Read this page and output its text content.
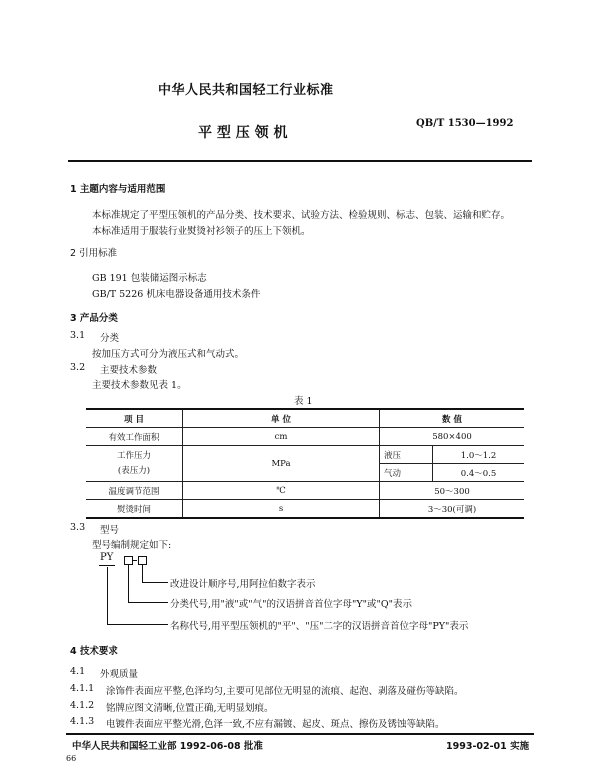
中华人民共和国轻工行业标准
平 型 压 领 机
QB/T 1530—1992
1 主题内容与适用范围
本标准规定了平型压领机的产品分类、技术要求、试验方法、检验规则、标志、包装、运输和贮存。
本标准适用于服装行业熨烫衬衫领子的压上下领机。
2 引用标准
GB 191 包装储运图示标志
GB/T 5226 机床电器设备通用技术条件
3 产品分类
3.1 分类
按加压方式可分为液压式和气动式。
3.2 主要技术参数
主要技术参数见表 1。
表 1
项 目	单 位	数 值	
有效工作面积	cm	580×400	

工作压力
(表压力)	MPa	液压	1.0～1.2
		气动	0.4～0.5
温度调节范围	℃	50～300	
熨烫时间	s	3～30(可调)	
3.3 型号
型号编制规定如下:
PY
改进设计顺序号,用阿拉伯数字表示
分类代号,用"液"或"气"的汉语拼音首位字母"Y"或"Q"表示
名称代号,用平型压领机的"平"、"压"二字的汉语拼音首位字母"PY"表示
4 技术要求
4.1 外观质量
4.1.1 涂饰件表面应平整,色泽均匀,主要可见部位无明显的流痕、起泡、剥落及碰伤等缺陷。
4.1.2 铭牌应图文清晰,位置正确,无明显划痕。
4.1.3 电镀件表面应平整光滑,色泽一致,不应有漏镀、起皮、斑点、擦伤及锈蚀等缺陷。
中华人民共和国轻工业部 1992-06-08 批准	1993-02-01 实施
66
